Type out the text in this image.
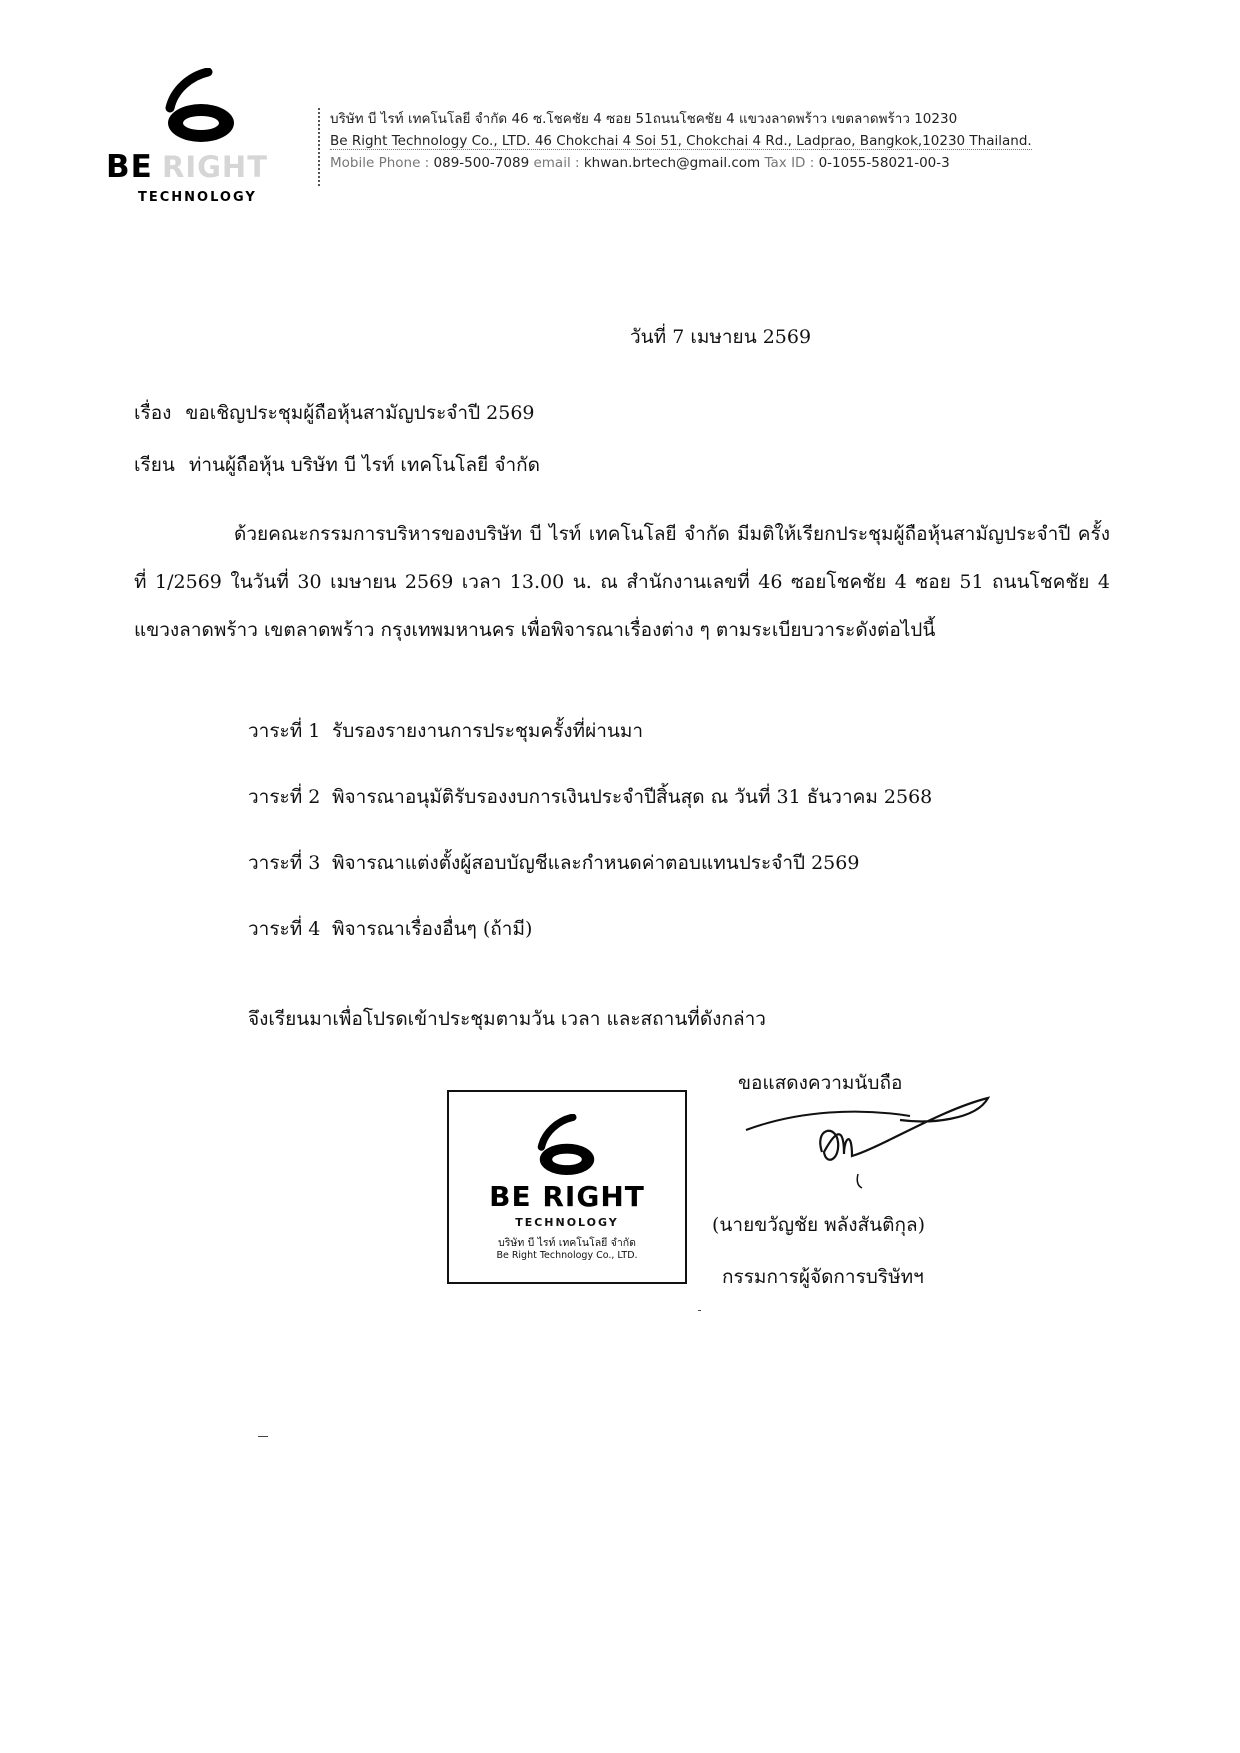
BE RIGHT
TECHNOLOGY
บริษัท บี ไรท์ เทคโนโลยี จำกัด 46 ซ.โชคชัย 4 ซอย 51ถนนโชคชัย 4 แขวงลาดพร้าว เขตลาดพร้าว 10230
Be Right Technology Co., LTD. 46 Chokchai 4 Soi 51, Chokchai 4 Rd., Ladprao, Bangkok,10230 Thailand.
Mobile Phone : 089-500-7089 email : khwan.brtech@gmail.com Tax ID : 0-1055-58021-00-3
วันที่ 7 เมษายน 2569
เรื่อง ขอเชิญประชุมผู้ถือหุ้นสามัญประจำปี 2569
เรียน ท่านผู้ถือหุ้น บริษัท บี ไรท์ เทคโนโลยี จำกัด

ด้วยคณะกรรมการบริหารของบริษัท บี ไรท์ เทคโนโลยี จำกัด มีมติให้เรียกประชุมผู้ถือหุ้นสามัญประจำปี ครั้งที่ 1/2569 ในวันที่ 30 เมษายน 2569 เวลา 13.00 น. ณ สำนักงานเลขที่ 46 ซอยโชคชัย 4 ซอย 51 ถนนโชคชัย 4 แขวงลาดพร้าว เขตลาดพร้าว กรุงเทพมหานคร เพื่อพิจารณาเรื่องต่าง ๆ ตามระเบียบวาระดังต่อไปนี้

วาระที่ 1 รับรองรายงานการประชุมครั้งที่ผ่านมา
วาระที่ 2 พิจารณาอนุมัติรับรองงบการเงินประจำปีสิ้นสุด ณ วันที่ 31 ธันวาคม 2568
วาระที่ 3 พิจารณาแต่งตั้งผู้สอบบัญชีและกำหนดค่าตอบแทนประจำปี 2569
วาระที่ 4 พิจารณาเรื่องอื่นๆ (ถ้ามี)
จึงเรียนมาเพื่อโปรดเข้าประชุมตามวัน เวลา และสถานที่ดังกล่าว
BE RIGHT
TECHNOLOGY
บริษัท บี ไรท์ เทคโนโลยี จำกัด
Be Right Technology Co., LTD.
ขอแสดงความนับถือ
(นายขวัญชัย พลังสันติกุล)
กรรมการผู้จัดการบริษัทฯ
